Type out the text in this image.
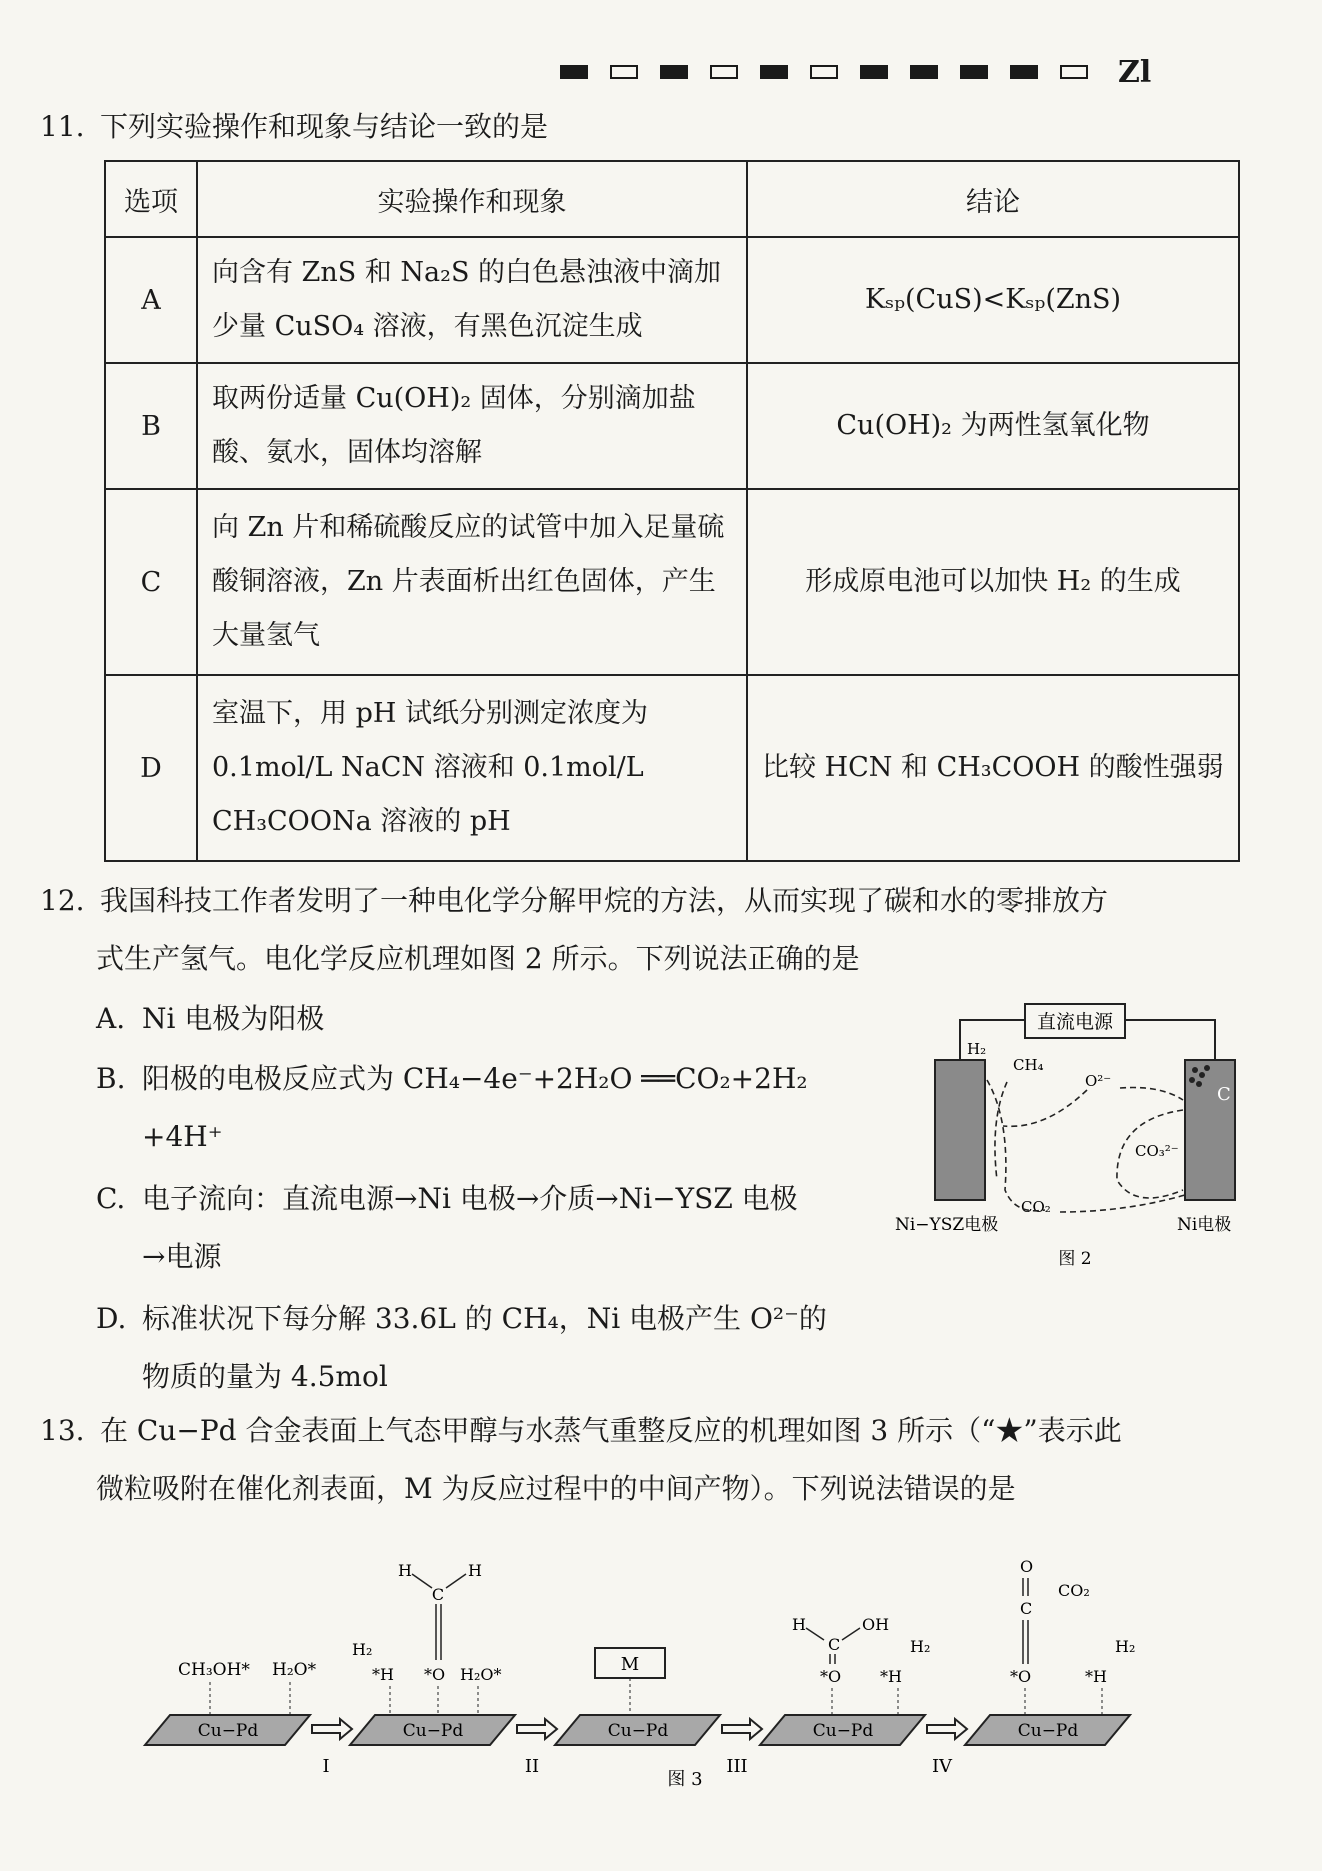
Zl
11. 下列实验操作和现象与结论一致的是
选项	实验操作和现象	结论
A	向含有 ZnS 和 Na₂S 的白色悬浊液中滴加少量 CuSO₄ 溶液，有黑色沉淀生成	Kₛₚ(CuS)<Kₛₚ(ZnS)
B	取两份适量 Cu(OH)₂ 固体，分别滴加盐酸、氨水，固体均溶解	Cu(OH)₂ 为两性氢氧化物
C	向 Zn 片和稀硫酸反应的试管中加入足量硫酸铜溶液，Zn 片表面析出红色固体，产生大量氢气	形成原电池可以加快 H₂ 的生成
D	室温下，用 pH 试纸分别测定浓度为 0.1mol/L NaCN 溶液和 0.1mol/L CH₃COONa 溶液的 pH	比较 HCN 和 CH₃COOH 的酸性强弱
12. 我国科技工作者发明了一种电化学分解甲烷的方法，从而实现了碳和水的零排放方
式生产氢气。电化学反应机理如图 2 所示。下列说法正确的是
A. Ni 电极为阳极
B. 阳极的电极反应式为 CH₄−4e⁻+2H₂O ══CO₂+2H₂
+4H⁺
C. 电子流向：直流电源→Ni 电极→介质→Ni−YSZ 电极
→电源
D. 标准状况下每分解 33.6L 的 CH₄，Ni 电极产生 O²⁻的
物质的量为 4.5mol
直流电源
C
H₂
CH₄
O²⁻
CO₃²⁻
CO₂
Ni−YSZ电极	Ni电极
图 2
13. 在 Cu−Pd 合金表面上气态甲醇与水蒸气重整反应的机理如图 3 所示（“★”表示此
微粒吸附在催化剂表面，M 为反应过程中的中间产物）。下列说法错误的是
Cu−Pd	Cu−Pd	Cu−Pd	Cu−Pd	Cu−Pd
I	II	III	IV
CH₃OH* H₂O*
H₂
*H
C
H	H
*O H₂O*	M
H
C
OH
*O
H₂
*H
O
C
CO₂
*O
H₂
*H
图 3
